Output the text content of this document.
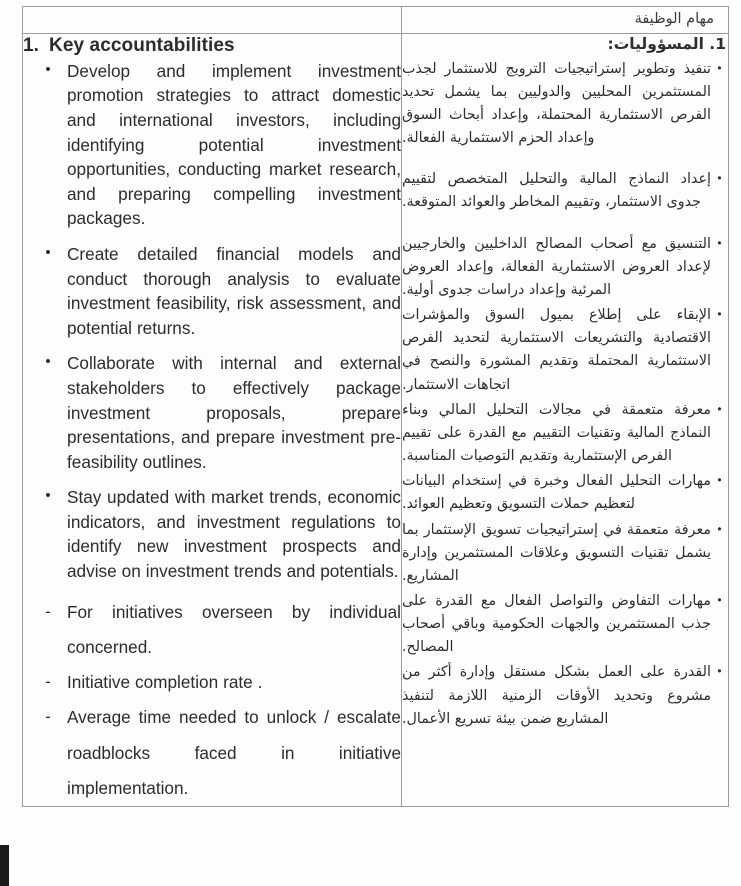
	مهام الوظيفة

1. Key accountabilities
• Develop and implement investment promotion strategies to attract domestic and international investors, including identifying potential investment opportunities, conducting market research, and preparing compelling investment packages.
• Create detailed financial models and conduct thorough analysis to evaluate investment feasibility, risk assessment, and potential returns.
• Collaborate with internal and external stakeholders to effectively package investment proposals, prepare presentations, and prepare investment pre-feasibility outlines.
• Stay updated with market trends, economic indicators, and investment regulations to identify new investment prospects and advise on investment trends and potentials.
- For initiatives overseen by individual concerned.
- Initiative completion rate .
- Average time needed to unlock / escalate roadblocks faced in initiative implementation.

1. المسؤوليات:
•
تنفيذ وتطوير إستراتيجيات الترويج للاستثمار لجذب المستثمرين المحليين والدوليين بما يشمل تحديد الفرص الاستثمارية المحتملة، وإعداد أبحاث السوق وإعداد الحزم الاستثمارية الفعالة.
•
إعداد النماذج المالية والتحليل المتخصص لتقييم جدوى الاستثمار، وتقييم المخاطر والعوائد المتوقعة.
•
التنسيق مع أصحاب المصالح الداخليين والخارجيين لإعداد العروض الاستثمارية الفعالة، وإعداد العروض المرئية وإعداد دراسات جدوى أولية.
•
الإبقاء على إطلاع بميول السوق والمؤشرات الاقتصادية والتشريعات الاستثمارية لتحديد الفرص الاستثمارية المحتملة وتقديم المشورة والنصح في اتجاهات الاستثمار.
•
معرفة متعمقة في مجالات التحليل المالي وبناء النماذج المالية وتقنيات التقييم مع القدرة على تقييم الفرص الإستثمارية وتقديم التوصيات المناسبة.
•
مهارات التحليل الفعال وخبرة في إستخدام البيانات لتعظيم حملات التسويق وتعظيم العوائد.
•
معرفة متعمقة في إستراتيجيات تسويق الإستثمار بما يشمل تقنيات التسويق وعلاقات المستثمرين وإدارة المشاريع.
•
مهارات التفاوض والتواصل الفعال مع القدرة على جذب المستثمرين والجهات الحكومية وباقي أصحاب المصالح.
•
القدرة على العمل بشكل مستقل وإدارة أكثر من مشروع وتحديد الأوقات الزمنية اللازمة لتنفيذ المشاريع ضمن بيئة تسريع الأعمال.
